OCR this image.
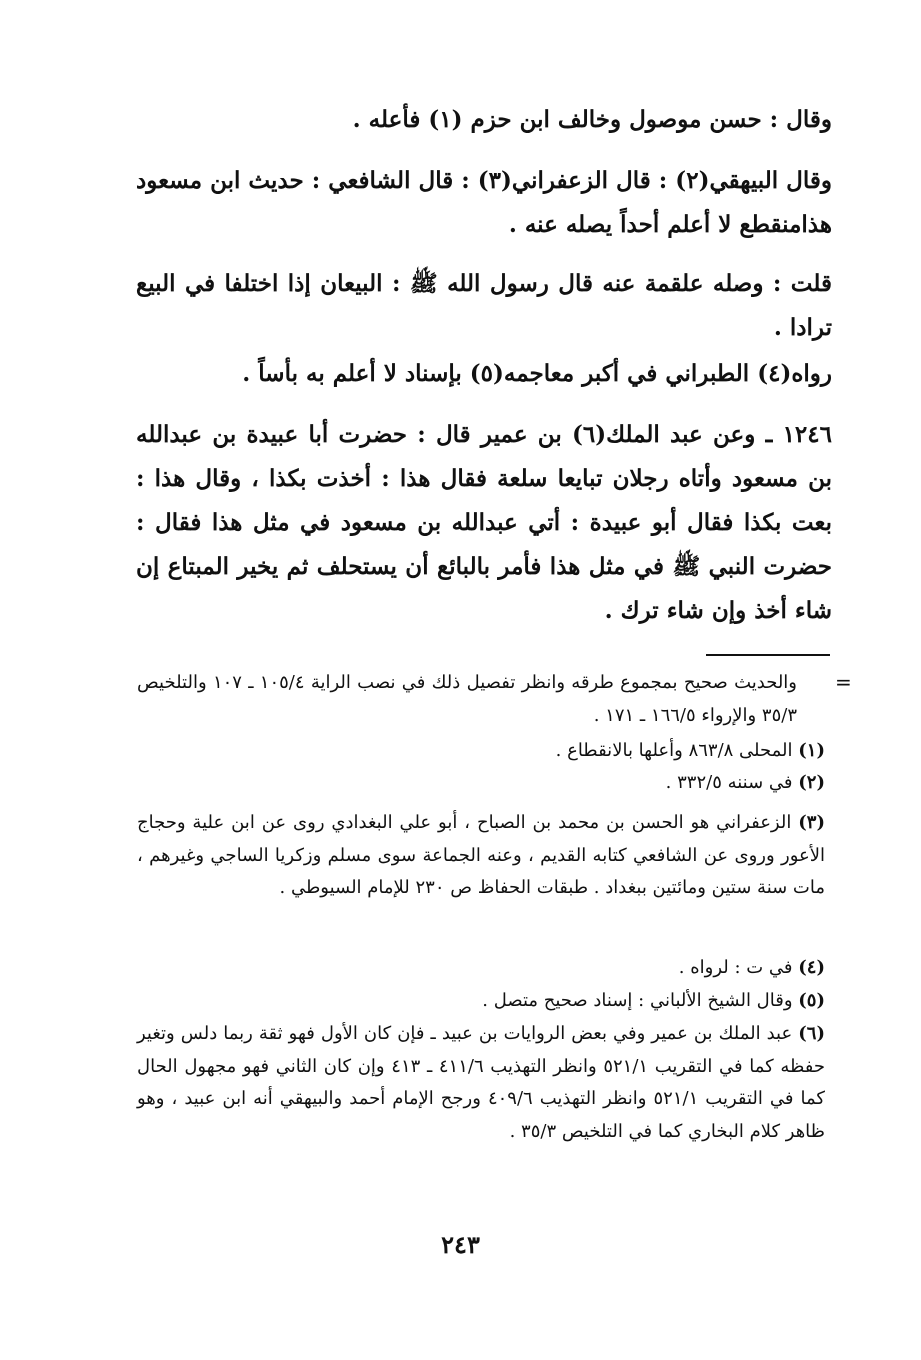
وقال : حسن موصول وخالف ابن حزم (١) فأعله .
وقال البيهقي(٢) : قال الزعفراني(٣) : قال الشافعي : حديث ابن مسعود هذامنقطع لا أعلم أحداً يصله عنه .
قلت : وصله علقمة عنه قال رسول الله ﷺ : البيعان إذا اختلفا في البيع ترادا .
رواه(٤) الطبراني في أكبر معاجمه(٥) بإسناد لا أعلم به بأساً .
١٢٤٦ ـ وعن عبد الملك(٦) بن عمير قال : حضرت أبا عبيدة بن عبدالله بن مسعود وأتاه رجلان تبايعا سلعة فقال هذا : أخذت بكذا ، وقال هذا : بعت بكذا فقال أبو عبيدة : أتي عبدالله بن مسعود في مثل هذا فقال : حضرت النبي ﷺ في مثل هذا فأمر بالبائع أن يستحلف ثم يخير المبتاع إن شاء أخذ وإن شاء ترك .
=
والحديث صحيح بمجموع طرقه وانظر تفصيل ذلك في نصب الراية ١٠٥/٤ ـ ١٠٧ والتلخيص ٣٥/٣ والإرواء ١٦٦/٥ ـ ١٧١ .
(١) المحلى ٨٦٣/٨ وأعلها بالانقطاع .
(٢) في سننه ٣٣٢/٥ .
(٣) الزعفراني هو الحسن بن محمد بن الصباح ، أبو علي البغدادي روى عن ابن علية وحجاج الأعور وروى عن الشافعي كتابه القديم ، وعنه الجماعة سوى مسلم وزكريا الساجي وغيرهم ، مات سنة ستين ومائتين ببغداد . طبقات الحفاظ ص ٢٣٠ للإمام السيوطي .
(٤) في ت : لرواه .
(٥) وقال الشيخ الألباني : إسناد صحيح متصل .
(٦) عبد الملك بن عمير وفي بعض الروايات بن عبيد ـ فإن كان الأول فهو ثقة ربما دلس وتغير حفظه كما في التقريب ٥٢١/١ وانظر التهذيب ٤١١/٦ ـ ٤١٣ وإن كان الثاني فهو مجهول الحال كما في التقريب ٥٢١/١ وانظر التهذيب ٤٠٩/٦ ورجح الإمام أحمد والبيهقي أنه ابن عبيد ، وهو ظاهر كلام البخاري كما في التلخيص ٣٥/٣ .
٢٤٣
